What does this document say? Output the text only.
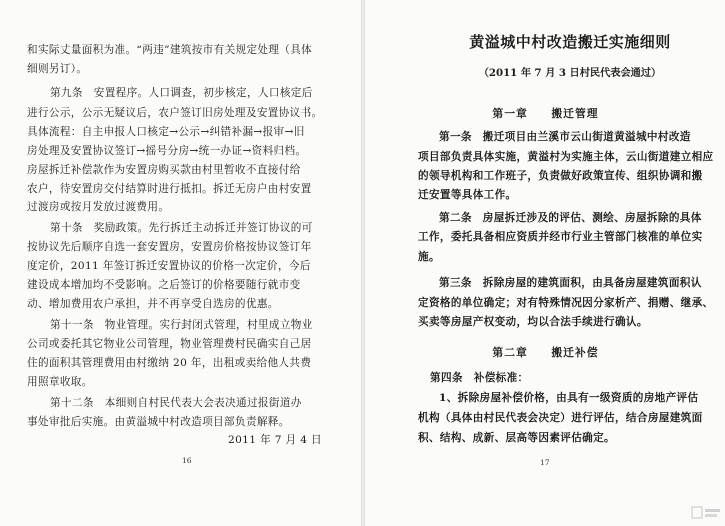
和实际丈量面积为准。“两违”建筑按市有关规定处理（具体
细则另订）。
第九条　安置程序。人口调查，初步核定，人口核定后
进行公示，公示无疑议后，农户签订旧房处理及安置协议书。
具体流程：自主申报人口核定→公示→纠错补漏→报审→旧
房处理及安置协议签订→摇号分房→统一办证→资料归档。
房屋拆迁补偿款作为安置房购买款由村里暂收不直接付给
农户，待安置房交付结算时进行抵扣。拆迁无房户由村安置
过渡房或按月发放过渡费用。
第十条　奖励政策。先行拆迁主动拆迁并签订协议的可
按协议先后顺序自选一套安置房，安置房价格按协议签订年
度定价，2011 年签订拆迁安置协议的价格一次定价，今后
建设成本增加均不受影响。之后签订的价格要随行就市变
动、增加费用农户承担，并不再享受自选房的优惠。
第十一条　物业管理。实行封闭式管理，村里成立物业
公司或委托其它物业公司管理，物业管理费村民确实自己居
住的面积其管理费用由村缴纳 20 年，出租或卖给他人共费
用照章收取。
第十二条　本细则自村民代表大会表决通过报街道办
事处审批后实施。由黄溢城中村改造项目部负责解释。
2011 年 7 月 4 日
16
黄溢城中村改造搬迁实施细则
（2011 年 7 月 3 日村民代表会通过）
第一章　　搬迁管理
第一条　搬迁项目由兰溪市云山街道黄溢城中村改造
项目部负责具体实施，黄溢村为实施主体，云山街道建立相应
的领导机构和工作班子，负责做好政策宣传、组织协调和搬
迁安置等具体工作。
第二条　房屋拆迁涉及的评估、测绘、房屋拆除的具体
工作，委托具备相应资质并经市行业主管部门核准的单位实
施。
第三条　拆除房屋的建筑面积，由具备房屋建筑面积认
定资格的单位确定；对有特殊情况因分家析产、捐赠、继承、
买卖等房屋产权变动，均以合法手续进行确认。
第二章　　搬迁补偿
第四条　补偿标准：
1、拆除房屋补偿价格，由具有一级资质的房地产评估
机构（具体由村民代表会决定）进行评估，结合房屋建筑面
积、结构、成新、层高等因素评估确定。
17
